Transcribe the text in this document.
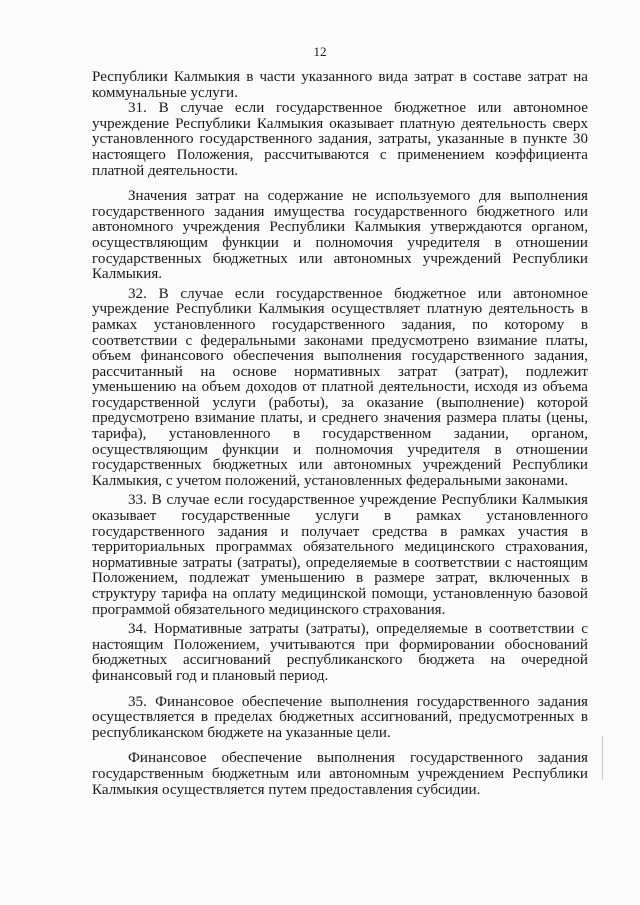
12

Республики Калмыкия в части указанного вида затрат в составе затрат на коммунальные услуги.

31. В случае если государственное бюджетное или автономное учреждение Республики Калмыкия оказывает платную деятельность сверх установленного государственного задания, затраты, указанные в пункте 30 настоящего Положения, рассчитываются с применением коэффициента платной деятельности.

Значения затрат на содержание не используемого для выполнения государственного задания имущества государственного бюджетного или автономного учреждения Республики Калмыкия утверждаются органом, осуществляющим функции и полномочия учредителя в отношении государственных бюджетных или автономных учреждений Республики Калмыкия.

32. В случае если государственное бюджетное или автономное учреждение Республики Калмыкия осуществляет платную деятельность в рамках установленного государственного задания, по которому в соответствии с федеральными законами предусмотрено взимание платы, объем финансового обеспечения выполнения государственного задания, рассчитанный на основе нормативных затрат (затрат), подлежит уменьшению на объем доходов от платной деятельности, исходя из объема государственной услуги (работы), за оказание (выполнение) которой предусмотрено взимание платы, и среднего значения размера платы (цены, тарифа), установленного в государственном задании, органом, осуществляющим функции и полномочия учредителя в отношении государственных бюджетных или автономных учреждений Республики Калмыкия, с учетом положений, установленных федеральными законами.

33. В случае если государственное учреждение Республики Калмыкия оказывает государственные услуги в рамках установленного государственного задания и получает средства в рамках участия в территориальных программах обязательного медицинского страхования, нормативные затраты (затраты), определяемые в соответствии с настоящим Положением, подлежат уменьшению в размере затрат, включенных в структуру тарифа на оплату медицинской помощи, установленную базовой программой обязательного медицинского страхования.

34. Нормативные затраты (затраты), определяемые в соответствии с настоящим Положением, учитываются при формировании обоснований бюджетных ассигнований республиканского бюджета на очередной финансовый год и плановый период.

35. Финансовое обеспечение выполнения государственного задания осуществляется в пределах бюджетных ассигнований, предусмотренных в республиканском бюджете на указанные цели.

Финансовое обеспечение выполнения государственного задания государственным бюджетным или автономным учреждением Республики Калмыкия осуществляется путем предоставления субсидии.
